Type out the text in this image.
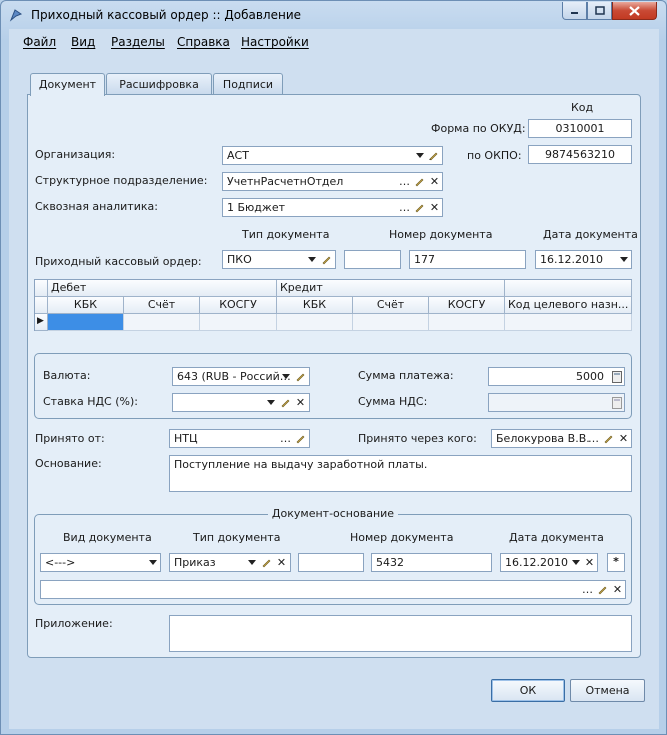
Приходный кассовый ордер :: Добавление
Файл Вид Разделы Справка Настройки
Документ	Расшифровка	Подписи
Код
Форма по ОКУД:	0310001
по ОКПО:	9874563210
Организация:	АСТ
Структурное подразделение:	УчетнРасчетнОтдел	… ✕
Сквозная аналитика:	1 Бюджет	… ✕
Тип документа	Номер документа	Дата документа
Приходный кассовый ордер:	ПКО	177	16.12.2010
Дебет	Кредит
КБК	Счёт	КОСГУ	КБК	Счёт	КОСГУ	Код целевого назн...
▶
Валюта:	643 (RUB - Россий…
Ставка НДС (%):	✕
Сумма платежа:	5000
Сумма НДС:
Принято от:	НТЦ	…	Принято через кого:	Белокурова В.В.
… ✕
Основание:	Поступление на выдачу заработной платы.
Документ-основание
Вид документа	Тип документа	Номер документа	Дата документа
<--->	Приказ	✕	5432	16.12.2010 ✕	*
… ✕
Приложение:
ОК	Отмена
